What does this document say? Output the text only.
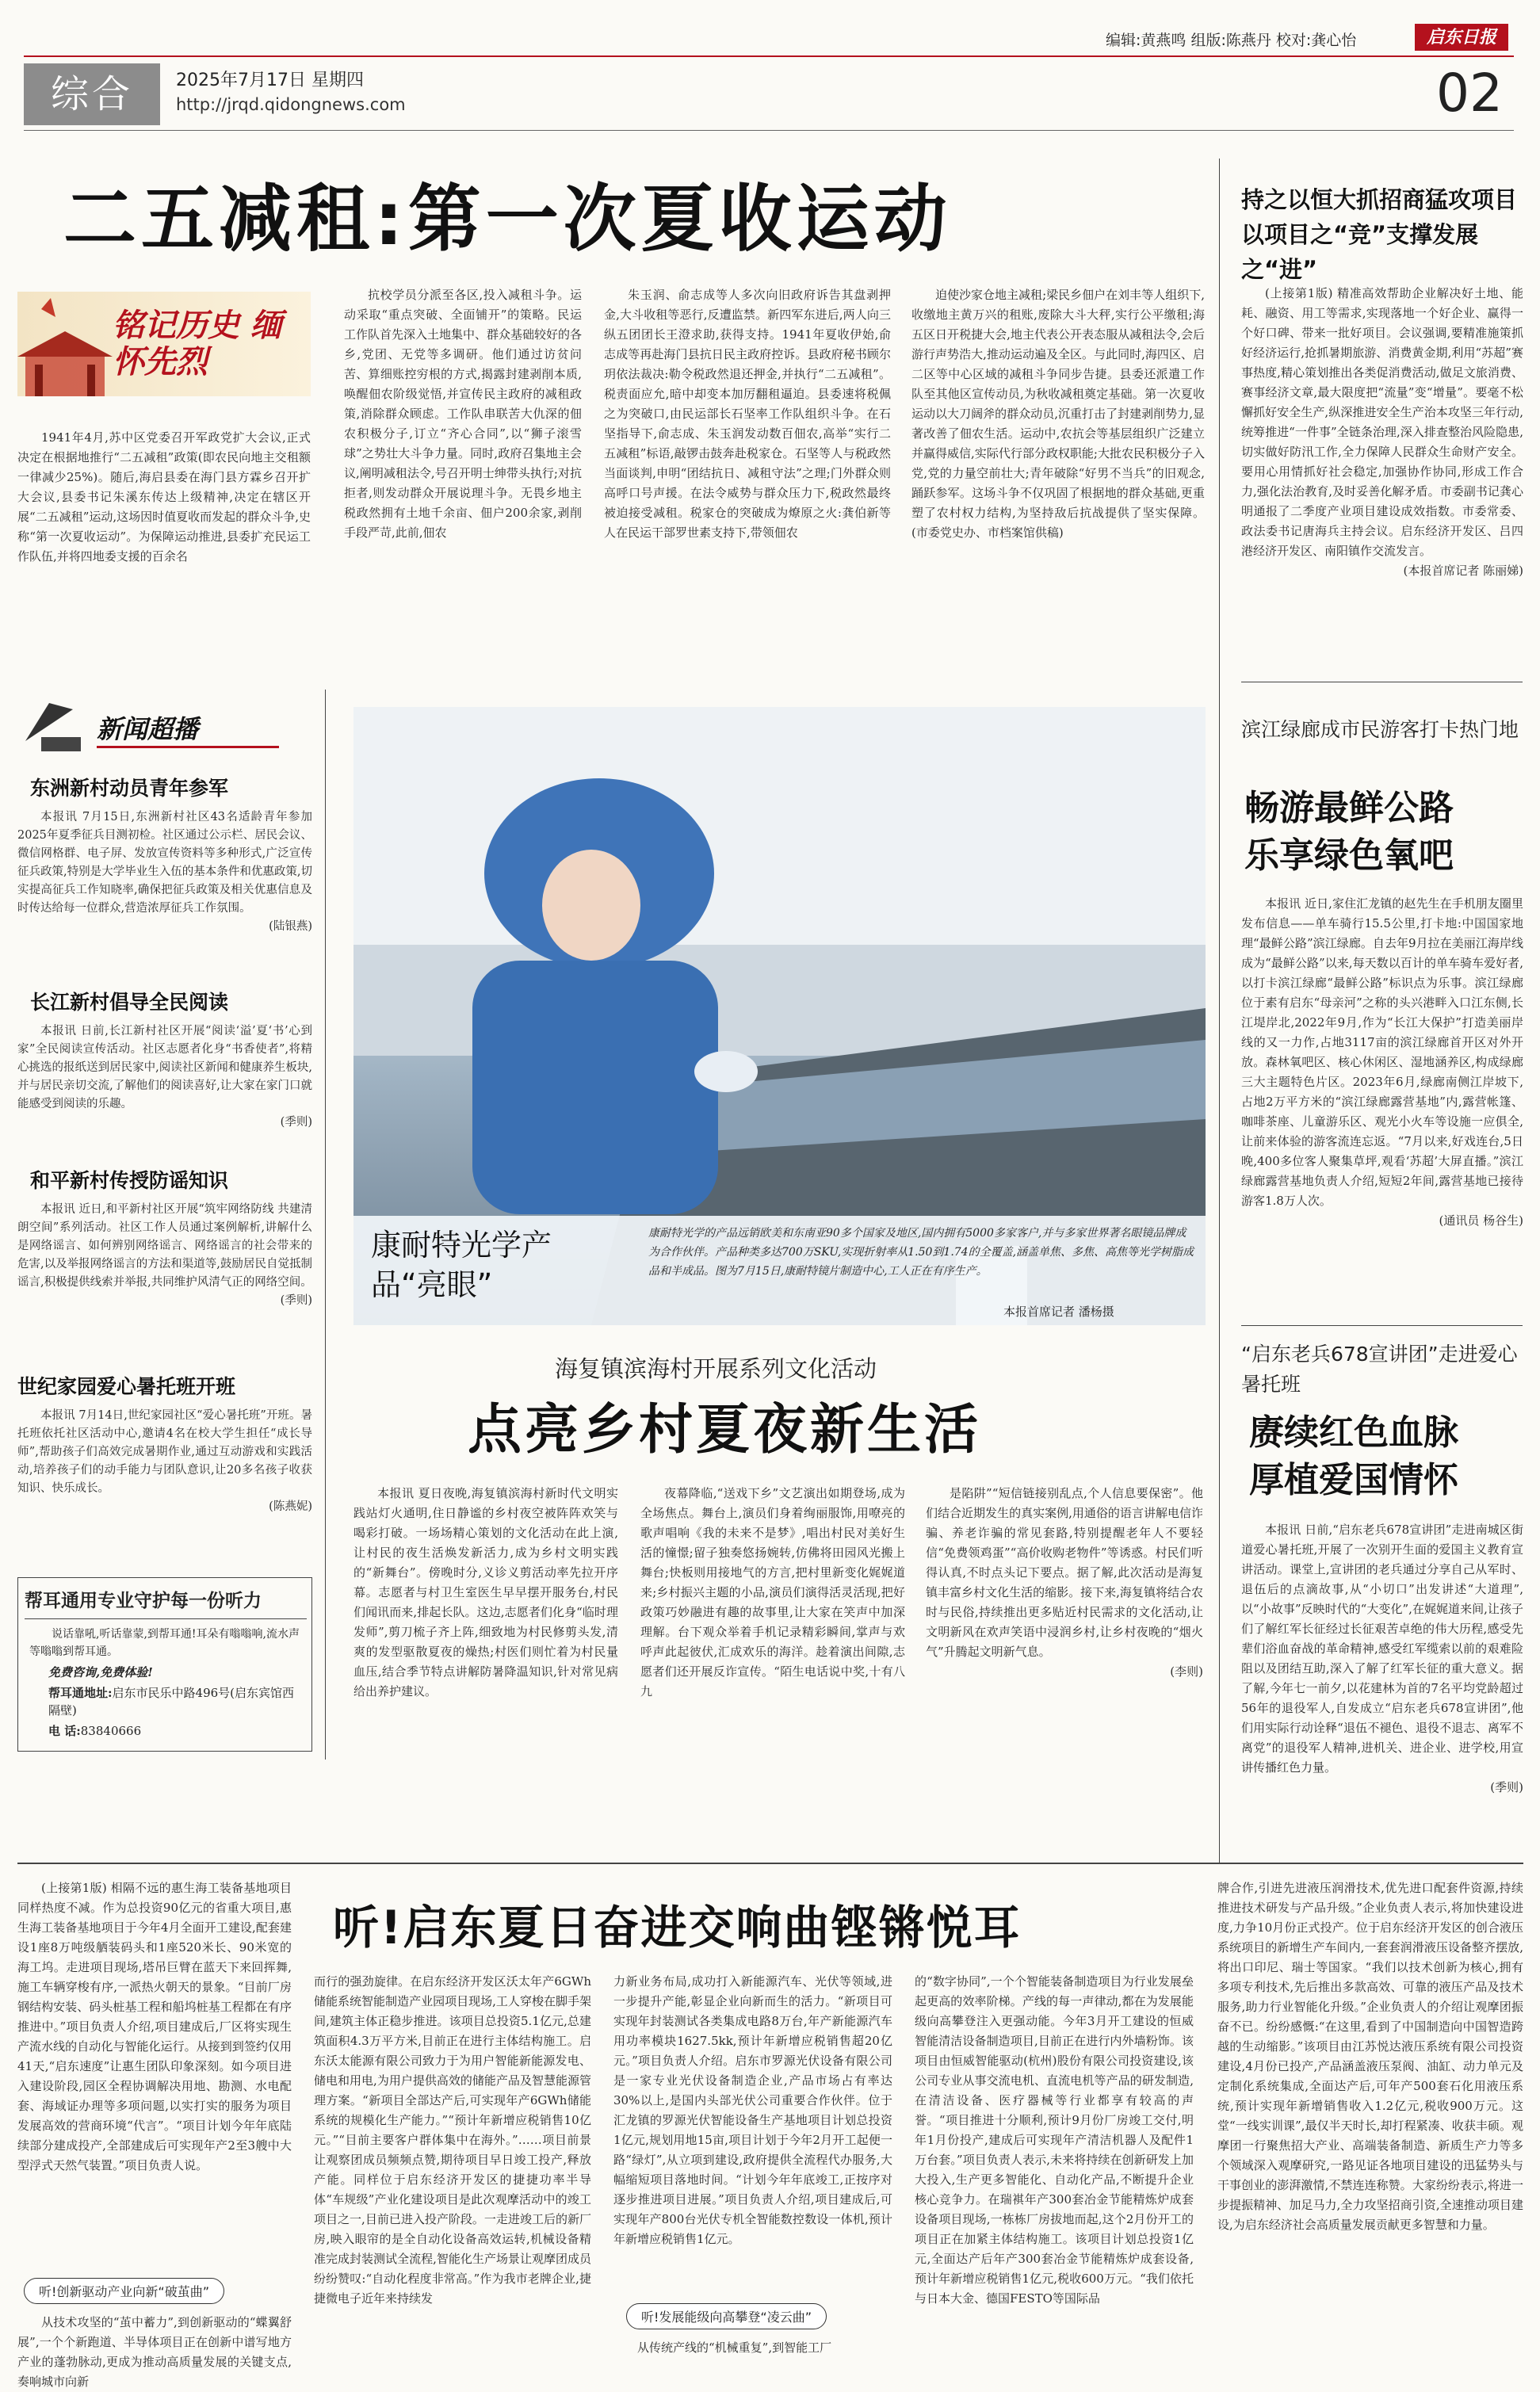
综合	2025年7月17日 星期四
http://jrqd.qidongnews.com
编辑:黄燕鸣 组版:陈燕丹 校对:龚心怡	启东日报
02
二五减租:第一次夏收运动
铭记历史 缅怀先烈
1941年4月,苏中区党委召开军政党扩大会议,正式决定在根据地推行“二五减租”政策(即农民向地主交租额一律减少25%)。随后,海启县委在海门县方霖乡召开扩大会议,县委书记朱溪东传达上级精神,决定在辖区开展“二五减租”运动,这场因时值夏收而发起的群众斗争,史称“第一次夏收运动”。为保障运动推进,县委扩充民运工作队伍,并将四地委支援的百余名
抗校学员分派至各区,投入减租斗争。运动采取“重点突破、全面铺开”的策略。民运工作队首先深入土地集中、群众基础较好的各乡,党团、无党等多调研。他们通过访贫问苦、算细账控穷根的方式,揭露封建剥削本质,唤醒佃农阶级觉悟,并宣传民主政府的减租政策,消除群众顾虑。工作队串联苦大仇深的佃农积极分子,订立“齐心合同”,以“狮子滚雪球”之势壮大斗争力量。同时,政府召集地主会议,阐明减租法令,号召开明士绅带头执行;对抗拒者,则发动群众开展说理斗争。无畏乡地主税政然拥有土地千余亩、佃户200余家,剥削手段严苛,此前,佃农
朱玉润、俞志成等人多次向旧政府诉告其盘剥押金,大斗收租等恶行,反遭监禁。新四军东进后,两人向三纵五团团长王澄求助,获得支持。1941年夏收伊始,俞志成等再赴海门县抗日民主政府控诉。县政府秘书顾尔玥依法裁决:勒令税政然退还押金,并执行“二五减租”。税责面应允,暗中却变本加厉翻租逼迫。县委速将税佩之为突破口,由民运部长石坚率工作队组织斗争。在石坚指导下,俞志成、朱玉润发动数百佃农,高举“实行二五减租”标语,敲锣击鼓奔赴税家仓。石坚等人与税政然当面谈判,申明“团结抗日、减租守法”之理;门外群众则高呼口号声援。在法令威势与群众压力下,税政然最终被迫接受减租。税家仓的突破成为燎原之火:龚伯新等人在民运干部罗世素支持下,带领佃农
迫使沙家仓地主减租;梁民乡佃户在刘丰等人组织下,收缴地主黄万兴的租账,废除大斗大秤,实行公平缴租;海五区日开税捷大会,地主代表公开表态服从减租法令,会后游行声势浩大,推动运动遍及全区。与此同时,海四区、启二区等中心区域的减租斗争同步告捷。县委还派遣工作队至其他区宣传动员,为秋收减租奠定基础。第一次夏收运动以大刀阔斧的群众动员,沉重打击了封建剥削势力,显著改善了佃农生活。运动中,农抗会等基层组织广泛建立并赢得威信,实际代行部分政权职能;大批农民积极分子入党,党的力量空前壮大;青年破除“好男不当兵”的旧观念,踊跃参军。这场斗争不仅巩固了根据地的群众基础,更重塑了农村权力结构,为坚持敌后抗战提供了坚实保障。(市委党史办、市档案馆供稿)
持之以恒大抓招商猛攻项目 以项目之“竞”支撑发展之“进”
(上接第1版) 精准高效帮助企业解决好土地、能耗、融资、用工等需求,实现落地一个好企业、赢得一个好口碑、带来一批好项目。会议强调,要精准施策抓好经济运行,抢抓暑期旅游、消费黄金期,利用“苏超”赛事热度,精心策划推出各类促消费活动,做足文旅消费、赛事经济文章,最大限度把“流量”变“增量”。要毫不松懈抓好安全生产,纵深推进安全生产治本攻坚三年行动,统筹推进“一件事”全链条治理,深入排查整治风险隐患,切实做好防汛工作,全力保障人民群众生命财产安全。要用心用情抓好社会稳定,加强协作协同,形成工作合力,强化法治教育,及时妥善化解矛盾。市委副书记龚心明通报了二季度产业项目建设成效指数。市委常委、政法委书记唐海兵主持会议。启东经济开发区、吕四港经济开发区、南阳镇作交流发言。
(本报首席记者 陈丽娣)
新闻超播
东洲新村动员青年参军
本报讯 7月15日,东洲新村社区43名适龄青年参加2025年夏季征兵目测初检。社区通过公示栏、居民会议、微信网格群、电子屏、发放宣传资料等多种形式,广泛宣传征兵政策,特别是大学毕业生入伍的基本条件和优惠政策,切实提高征兵工作知晓率,确保把征兵政策及相关优惠信息及时传达给每一位群众,营造浓厚征兵工作氛围。
(陆银燕)
长江新村倡导全民阅读
本报讯 日前,长江新村社区开展“阅读‘溢’夏‘书’心到家”全民阅读宣传活动。社区志愿者化身“书香使者”,将精心挑选的报纸送到居民家中,阅读社区新闻和健康养生板块,并与居民亲切交流,了解他们的阅读喜好,让大家在家门口就能感受到阅读的乐趣。
(季则)
和平新村传授防谣知识
本报讯 近日,和平新村社区开展“筑牢网络防线 共建清朗空间”系列活动。社区工作人员通过案例解析,讲解什么是网络谣言、如何辨别网络谣言、网络谣言的社会带来的危害,以及举报网络谣言的方法和渠道等,鼓励居民自觉抵制谣言,积极提供线索并举报,共同维护风清气正的网络空间。
(季则)
世纪家园爱心暑托班开班
本报讯 7月14日,世纪家园社区“爱心暑托班”开班。暑托班依托社区活动中心,邀请4名在校大学生担任“成长导师”,帮助孩子们高效完成暑期作业,通过互动游戏和实践活动,培养孩子们的动手能力与团队意识,让20多名孩子收获知识、快乐成长。
(陈燕妮)
帮耳通用专业守护每一份听力
说话靠吼,听话靠蒙,到帮耳通!耳朵有嗡嗡响,流水声等嗡嗡到帮耳通。
免费咨询,免费体验!
帮耳通地址:启东市民乐中路496号(启东宾馆西隔壁)
电 话:83840666
康耐特光学产品“亮眼”
康耐特光学的产品远销欧美和东南亚90多个国家及地区,国内拥有5000多家客户,并与多家世界著名眼镜品牌成为合作伙伴。产品种类多达700万SKU,实现折射率从1.50到1.74的全覆盖,涵盖单焦、多焦、高焦等光学树脂成品和半成品。图为7月15日,康耐特镜片制造中心,工人正在有序生产。
本报首席记者 潘杨摄
滨江绿廊成市民游客打卡热门地
畅游最鲜公路 乐享绿色氧吧
本报讯 近日,家住汇龙镇的赵先生在手机朋友圈里发布信息——单车骑行15.5公里,打卡地:中国国家地理“最鲜公路”滨江绿廊。自去年9月拉在美丽江海岸线成为“最鲜公路”以来,每天数以百计的单车骑车爱好者,以打卡滨江绿廊“最鲜公路”标识点为乐事。滨江绿廊位于素有启东“母亲河”之称的头兴港畔入口江东侧,长江堤岸北,2022年9月,作为“长江大保护”打造美丽岸线的又一力作,占地3117亩的滨江绿廊首开区对外开放。森林氧吧区、核心休闲区、湿地涵养区,构成绿廊三大主题特色片区。2023年6月,绿廊南侧江岸坡下,占地2万平方米的“滨江绿廊露营基地”内,露营帐篷、咖啡茶座、儿童游乐区、观光小火车等设施一应俱全,让前来体验的游客流连忘返。“7月以来,好戏连台,5日晚,400多位客人聚集草坪,观看‘苏超’大屏直播。”滨江绿廊露营基地负责人介绍,短短2年间,露营基地已接待游客1.8万人次。
(通讯员 杨谷生)
“启东老兵678宣讲团”走进爱心暑托班
赓续红色血脉 厚植爱国情怀
本报讯 日前,“启东老兵678宣讲团”走进南城区街道爱心暑托班,开展了一次别开生面的爱国主义教育宣讲活动。课堂上,宣讲团的老兵通过分享自己从军时、退伍后的点滴故事,从“小切口”出发讲述“大道理”,以“小故事”反映时代的“大变化”,在娓娓道来间,让孩子们了解红军长征经过长征艰苦卓绝的伟大历程,感受先辈们浴血奋战的革命精神,感受红军缆索以前的艰难险阻以及团结互助,深入了解了红军长征的重大意义。据了解,今年七一前夕,以花建林为首的7名平均党龄超过56年的退役军人,自发成立“启东老兵678宣讲团”,他们用实际行动诠释“退伍不褪色、退役不退志、离军不离党”的退役军人精神,进机关、进企业、进学校,用宣讲传播红色力量。
(季则)
海复镇滨海村开展系列文化活动
点亮乡村夏夜新生活
本报讯 夏日夜晚,海复镇滨海村新时代文明实践站灯火通明,住日静谧的乡村夜空被阵阵欢笑与喝彩打破。一场场精心策划的文化活动在此上演,让村民的夜生活焕发新活力,成为乡村文明实践的“新舞台”。傍晚时分,义诊义剪活动率先拉开序幕。志愿者与村卫生室医生早早摆开服务台,村民们闻讯而来,排起长队。这边,志愿者们化身“临时理发师”,剪刀梳子齐上阵,细致地为村民修剪头发,清爽的发型驱散夏夜的燥热;村医们则忙着为村民量血压,结合季节特点讲解防暑降温知识,针对常见病给出养护建议。
夜幕降临,“送戏下乡”文艺演出如期登场,成为全场焦点。舞台上,演员们身着绚丽服饰,用嘹亮的歌声唱响《我的未来不是梦》,唱出村民对美好生活的憧憬;留子独奏悠扬婉转,仿佛将田园风光搬上舞台;快板则用接地气的方言,把村里新变化娓娓道来;乡村振兴主题的小品,演员们演得活灵活现,把好政策巧妙融进有趣的故事里,让大家在笑声中加深理解。台下观众举着手机记录精彩瞬间,掌声与欢呼声此起彼伏,汇成欢乐的海洋。趁着演出间隙,志愿者们还开展反诈宣传。“陌生电话说中奖,十有八九
是陷阱”“短信链接别乱点,个人信息要保密”。他们结合近期发生的真实案例,用通俗的语言讲解电信诈骗、养老诈骗的常见套路,特别提醒老年人不要轻信“免费领鸡蛋”“高价收购老物件”等诱惑。村民们听得认真,不时点头记下要点。据了解,此次活动是海复镇丰富乡村文化生活的缩影。接下来,海复镇将结合农时与民俗,持续推出更多贴近村民需求的文化活动,让文明新风在欢声笑语中浸润乡村,让乡村夜晚的“烟火气”升腾起文明新气息。
(李则)
听!启东夏日奋进交响曲铿锵悦耳
(上接第1版) 相隔不远的惠生海工装备基地项目同样热度不减。作为总投资90亿元的省重大项目,惠生海工装备基地项目于今年4月全面开工建设,配套建设1座8万吨级舾装码头和1座520米长、90米宽的海工坞。走进项目现场,塔吊巨臂在蓝天下来回挥舞,施工车辆穿梭有序,一派热火朝天的景象。“目前厂房钢结构安装、码头桩基工程和船坞桩基工程都在有序推进中。”项目负责人介绍,项目建成后,厂区将实现生产流水线的自动化与智能化运行。从接到到签约仅用41天,“启东速度”让惠生团队印象深刻。如今项目进入建设阶段,园区全程协调解决用地、勘测、水电配套、海域证办理等多项问题,以实打实的服务为项目发展高效的营商环境“代言”。“项目计划今年年底陆续部分建成投产,全部建成后可实现年产2至3艘中大型浮式天然气装置。”项目负责人说。
听!创新驱动产业向新“破茧曲”
从技术攻坚的“茧中蓄力”,到创新驱动的“蝶翼舒展”,一个个新跑道、半导体项目正在创新中谱写地方产业的蓬勃脉动,更成为推动高质量发展的关键支点,奏响城市向新
而行的强劲旋律。在启东经济开发区沃太年产6GWh储能系统智能制造产业园项目现场,工人穿梭在脚手架间,建筑主体正稳步推进。该项目总投资5.1亿元,总建筑面积4.3万平方米,目前正在进行主体结构施工。启东沃太能源有限公司致力于为用户智能新能源发电、储电和用电,为用户提供高效的储能产品及智慧能源管理方案。“新项目全部达产后,可实现年产6GWh储能系统的规模化生产能力。”“预计年新增应税销售10亿元。”“目前主要客户群体集中在海外。”……项目前景让观察团成员频频点赞,期待项目早日竣工投产,释放产能。同样位于启东经济开发区的捷捷功率半导体“车规级”产业化建设项目是此次观摩活动中的竣工项目之一,目前已进入投产阶段。一走进竣工后的新厂房,映入眼帘的是全自动化设备高效运转,机械设备精准完成封装测试全流程,智能化生产场景让观摩团成员纷纷赞叹:“自动化程度非常高。”作为我市老牌企业,捷捷微电子近年来持续发
力新业务布局,成功打入新能源汽车、光伏等领域,进一步提升产能,彰显企业向新而生的活力。“新项目可实现年封装测试各类集成电路8万台,年产新能源汽车用功率模块1627.5kk,预计年新增应税销售超20亿元。”项目负责人介绍。启东市罗源光伏设备有限公司是一家专业光伏设备制造企业,产品市场占有率达30%以上,是国内头部光伏公司重要合作伙伴。位于汇龙镇的罗源光伏智能设备生产基地项目计划总投资1亿元,规划用地15亩,项目计划于今年2月开工起便一路“绿灯”,从立项到建设,政府提供全流程代办服务,大幅缩短项目落地时间。“计划今年年底竣工,正按序对逐步推进项目进展。”项目负责人介绍,项目建成后,可实现年产800台光伏专机全智能数控数设一体机,预计年新增应税销售1亿元。
听!发展能级向高攀登“凌云曲”
从传统产线的“机械重复”,到智能工厂
的“数字协同”,一个个智能装备制造项目为行业发展垒起更高的效率阶梯。产线的每一声律动,都在为发展能级向高攀登注入更强动能。今年3月开工建设的恒威智能清洁设备制造项目,目前正在进行内外墙粉饰。该项目由恒威智能驱动(杭州)股份有限公司投资建设,该公司专业从事交流电机、直流电机等产品的研发制造,在清洁设备、医疗器械等行业都享有较高的声誉。“项目推进十分顺利,预计9月份厂房竣工交付,明年1月份投产,建成后可实现年产清洁机器人及配件1万台套。”项目负责人表示,未来将持续在创新研发上加大投入,生产更多智能化、自动化产品,不断提升企业核心竞争力。在瑞褀年产300套冶金节能精炼炉成套设备项目现场,一栋栋厂房拔地而起,这个2月份开工的项目正在加紧主体结构施工。该项目计划总投资1亿元,全面达产后年产300套冶金节能精炼炉成套设备,预计年新增应税销售1亿元,税收600万元。“我们依托与日本大金、德国FESTO等国际品
牌合作,引进先进液压润滑技术,优先进口配套件资源,持续推进技术研发与产品升级。”企业负责人表示,将加快建设进度,力争10月份正式投产。位于启东经济开发区的创合液压系统项目的新增生产车间内,一套套润滑液压设备整齐摆放,将出口印尼、瑞士等国家。“我们以技术创新为核心,拥有多项专利技术,先后推出多款高效、可靠的液压产品及技术服务,助力行业智能化升级。”企业负责人的介绍让观摩团振奋不已。纷纷感慨:“在这里,看到了中国制造向中国智造跨越的生动缩影。”该项目由江苏悦达液压系统有限公司投资建设,4月份已投产,产品涵盖液压泵阀、油缸、动力单元及定制化系统集成,全面达产后,可年产500套石化用液压系统,预计实现年新增销售收入1.2亿元,税收900万元。这堂“一线实训课”,最仅半天时长,却打程紧凑、收获丰硕。观摩团一行聚焦招大产业、高端装备制造、新质生产力等多个领域深入观摩研究,一路见证各地项目建设的迅猛势头与干事创业的澎湃激情,不禁连连称赞。大家纷纷表示,将进一步提振精神、加足马力,全力攻坚招商引资,全速推动项目建设,为启东经济社会高质量发展贡献更多智慧和力量。
